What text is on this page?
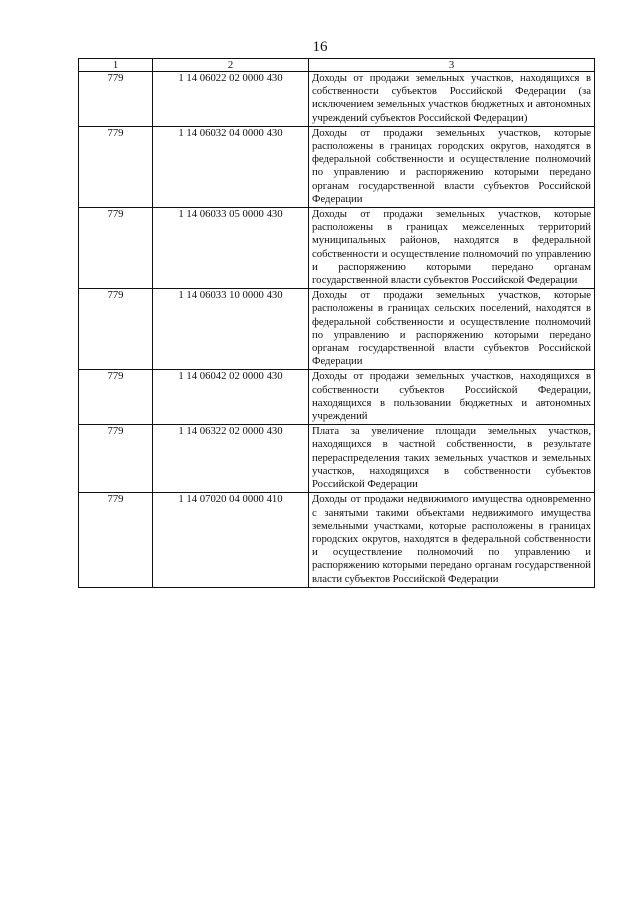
16
1	2	3
779	1 14 06022 02 0000 430	Доходы от продажи земельных участков, находящихся в собственности субъектов Российской Федерации (за исключением земельных участков бюджетных и автономных учреждений субъектов Российской Федерации)
779	1 14 06032 04 0000 430	Доходы от продажи земельных участков, которые расположены в границах городских округов, находятся в федеральной собственности и осуществление полномочий по управлению и распоряжению которыми передано органам государственной власти субъектов Российской Федерации
779	1 14 06033 05 0000 430	Доходы от продажи земельных участков, которые расположены в границах межселенных территорий муниципальных районов, находятся в федеральной собственности и осуществление полномочий по управлению и распоряжению которыми передано органам государственной власти субъектов Российской Федерации
779	1 14 06033 10 0000 430	Доходы от продажи земельных участков, которые расположены в границах сельских поселений, находятся в федеральной собственности и осуществление полномочий по управлению и распоряжению которыми передано органам государственной власти субъектов Российской Федерации
779	1 14 06042 02 0000 430	Доходы от продажи земельных участков, находящихся в собственности субъектов Российской Федерации, находящихся в пользовании бюджетных и автономных учреждений
779	1 14 06322 02 0000 430	Плата за увеличение площади земельных участков, находящихся в частной собственности, в результате перераспределения таких земельных участков и земельных участков, находящихся в собственности субъектов Российской Федерации
779	1 14 07020 04 0000 410	Доходы от продажи недвижимого имущества одновременно с занятыми такими объектами недвижимого имущества земельными участками, которые расположены в границах городских округов, находятся в федеральной собственности и осуществление полномочий по управлению и распоряжению которыми передано органам государственной власти субъектов Российской Федерации
